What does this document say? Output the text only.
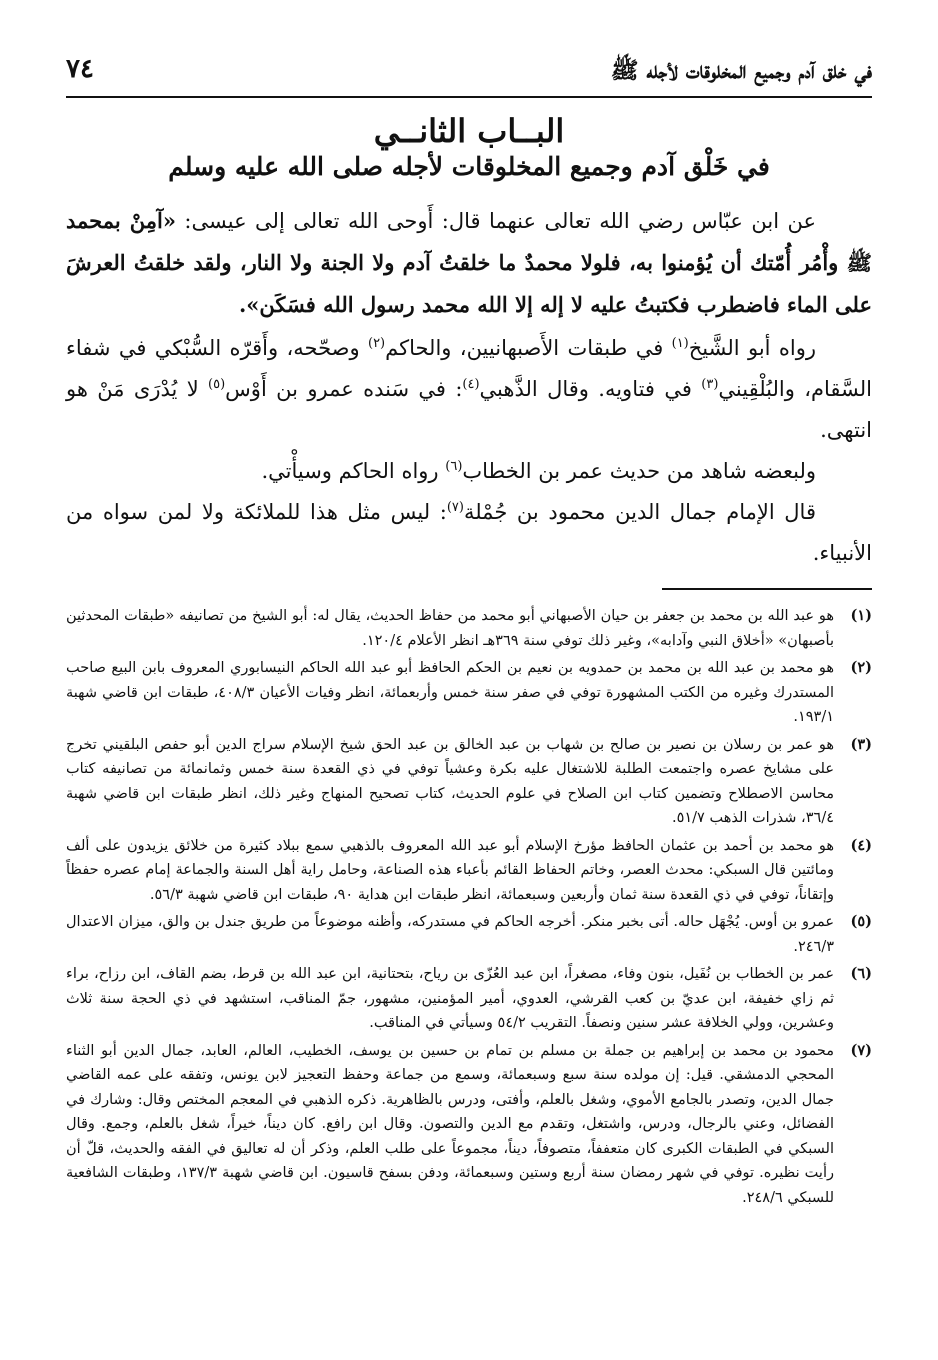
في خلق آدم وجميع المخلوقات لأجله ﷺ
٧٤
البــاب الثانــي
في خَلْق آدم وجميع المخلوقات لأجله صلى الله عليه وسلم

عن ابن عبّاس رضي الله تعالى عنهما قال: أَوحى الله تعالى إلى عيسى: «آمِنْ بمحمد ﷺ وأْمُر أُمّتك أن يُؤمنوا به، فلولا محمدٌ ما خلقتُ آدم ولا الجنة ولا النار، ولقد خلقتُ العرشَ على الماء فاضطرب فكتبتُ عليه لا إله إلا الله محمد رسول الله فسَكَن».

رواه أبو الشَّيخ$^{(١)}$ في طبقات الأَصبهانيين، والحاكم$^{(٢)}$ وصحّحه، وأَقرّه السُّبْكي في شفاء السَّقام، والبُلْقِيني$^{(٣)}$ في فتاويه. وقال الذَّهبي$^{(٤)}$: في سَنده عمرو بن أَوْس$^{(٥)}$ لا يُدْرَى مَنْ هو انتهى.

ولبعضه شاهد من حديث عمر بن الخطاب$^{(٦)}$ رواه الحاكم وسيأْتي.

قال الإمام جمال الدين محمود بن جُمْلة$^{(٧)}$: ليس مثل هذا للملائكة ولا لمن سواه من الأنبياء.

(١)
هو عبد الله بن محمد بن جعفر بن حيان الأصبهاني أبو محمد من حفاظ الحديث، يقال له: أبو الشيخ من تصانيفه «طبقات المحدثين بأصبهان» «أخلاق النبي وآدابه»، وغير ذلك توفي سنة ٣٦٩هـ انظر الأعلام ١٢٠/٤.
(٢)
هو محمد بن عبد الله بن محمد بن حمدويه بن نعيم بن الحكم الحافظ أبو عبد الله الحاكم النيسابوري المعروف بابن البيع صاحب المستدرك وغيره من الكتب المشهورة توفي في صفر سنة خمس وأربعمائة، انظر وفيات الأعيان ٤٠٨/٣، طبقات ابن قاضي شهبة ١٩٣/١.
(٣)
هو عمر بن رسلان بن نصير بن صالح بن شهاب بن عبد الخالق بن عبد الحق شيخ الإسلام سراج الدين أبو حفص البلقيني تخرج على مشايخ عصره واجتمعت الطلبة للاشتغال عليه بكرة وعشياً توفي في ذي القعدة سنة خمس وثمانمائة من تصانيفه كتاب محاسن الاصطلاح وتضمين كتاب ابن الصلاح في علوم الحديث، كتاب تصحيح المنهاج وغير ذلك، انظر طبقات ابن قاضي شهبة ٣٦/٤، شذرات الذهب ٥١/٧.
(٤)
هو محمد بن أحمد بن عثمان الحافظ مؤرخ الإسلام أبو عبد الله المعروف بالذهبي سمع ببلاد كثيرة من خلائق يزيدون على ألف ومائتين قال السبكي: محدث العصر، وخاتم الحفاظ القائم بأعباء هذه الصناعة، وحامل راية أهل السنة والجماعة إمام عصره حفظاً وإتقاناً، توفي في ذي القعدة سنة ثمان وأربعين وسبعمائة، انظر طبقات ابن هداية ٩٠، طبقات ابن قاضي شهبة ٥٦/٣.
(٥)
عمرو بن أوس. يُجْهَل حاله. أتى بخبر منكر. أخرجه الحاكم في مستدركه، وأظنه موضوعاً من طريق جندل بن والق، ميزان الاعتدال ٢٤٦/٣.
(٦)
عمر بن الخطاب بن نُفَيل، بنون وفاء، مصغراً، ابن عبد العُزّى بن رياح، بتحتانية، ابن عبد الله بن قرط، بضم القاف، ابن رزاح، براء ثم زاي خفيفة، ابن عديّ بن كعب القرشي، العدوي، أمير المؤمنين، مشهور، جمّ المناقب، استشهد في ذي الحجة سنة ثلاث وعشرين، وولي الخلافة عشر سنين ونصفاً. التقريب ٥٤/٢ وسيأتي في المناقب.
(٧)
محمود بن محمد بن إبراهيم بن جملة بن مسلم بن تمام بن حسين بن يوسف، الخطيب، العالم، العابد، جمال الدين أبو الثناء المحجي الدمشقي. قيل: إن مولده سنة سبع وسبعمائة، وسمع من جماعة وحفظ التعجيز لابن يونس، وتفقه على عمه القاضي جمال الدين، وتصدر بالجامع الأموي، وشغل بالعلم، وأفتى، ودرس بالظاهرية. ذكره الذهبي في المعجم المختص وقال: وشارك في الفضائل، وعني بالرجال، ودرس، واشتغل، وتقدم مع الدين والتصون. وقال ابن رافع. كان ديناً، خيراً، شغل بالعلم، وجمع. وقال السبكي في الطبقات الكبرى كان متعففاً، متصوفاً، ديناً، مجموعاً على طلب العلم، وذكر أن له تعاليق في الفقه والحديث، قلّ أن رأيت نظيره. توفي في شهر رمضان سنة أربع وستين وسبعمائة، ودفن بسفح قاسيون. ابن قاضي شهبة ١٣٧/٣، وطبقات الشافعية للسبكي ٢٤٨/٦.
